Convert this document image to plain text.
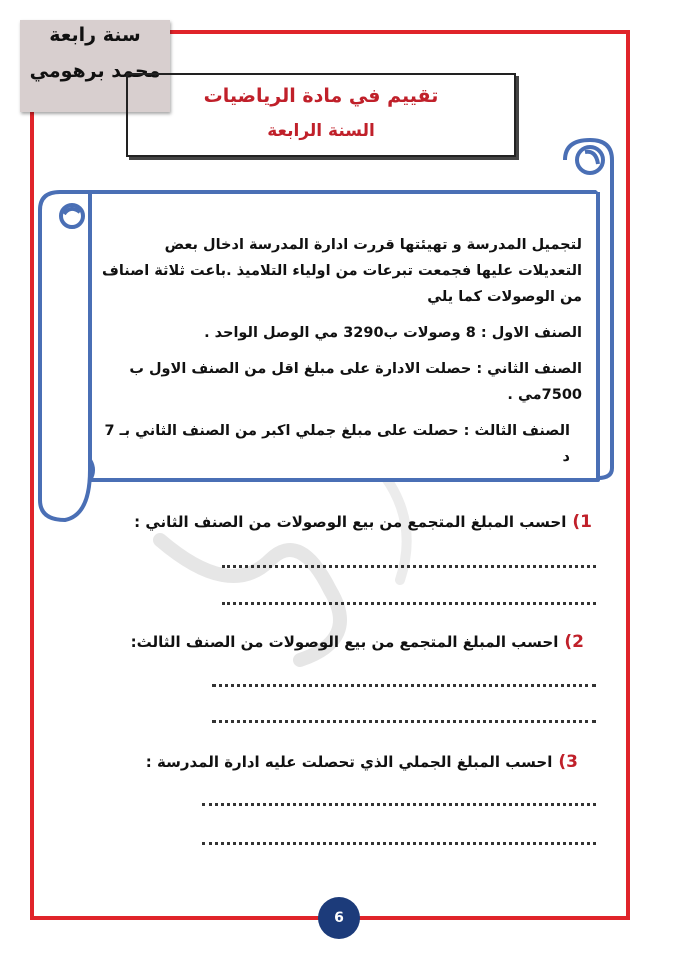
سنة رابعة
محمد برهومي
تقييم في مادة الرياضيات
السنة الرابعة

لتجميل المدرسة و تهيئتها قررت ادارة المدرسة ادخال بعض التعديلات عليها فجمعت تبرعات من اولياء التلاميذ .باعت ثلاثة اصناف من الوصولات كما يلي

الصنف الاول : 8 وصولات ب3290 مي الوصل الواحد .

الصنف الثاني : حصلت الادارة على مبلغ اقل من الصنف الاول ب 7500مي .

الصنف الثالث : حصلت على مبلغ جملي اكبر من الصنف الثاني بـ 7 د

1)احسب المبلغ المتجمع من بيع الوصولات من الصنف الثاني :
2)احسب المبلغ المتجمع من بيع الوصولات من الصنف الثالث:
3)احسب المبلغ الجملي الذي تحصلت عليه ادارة المدرسة :
6
